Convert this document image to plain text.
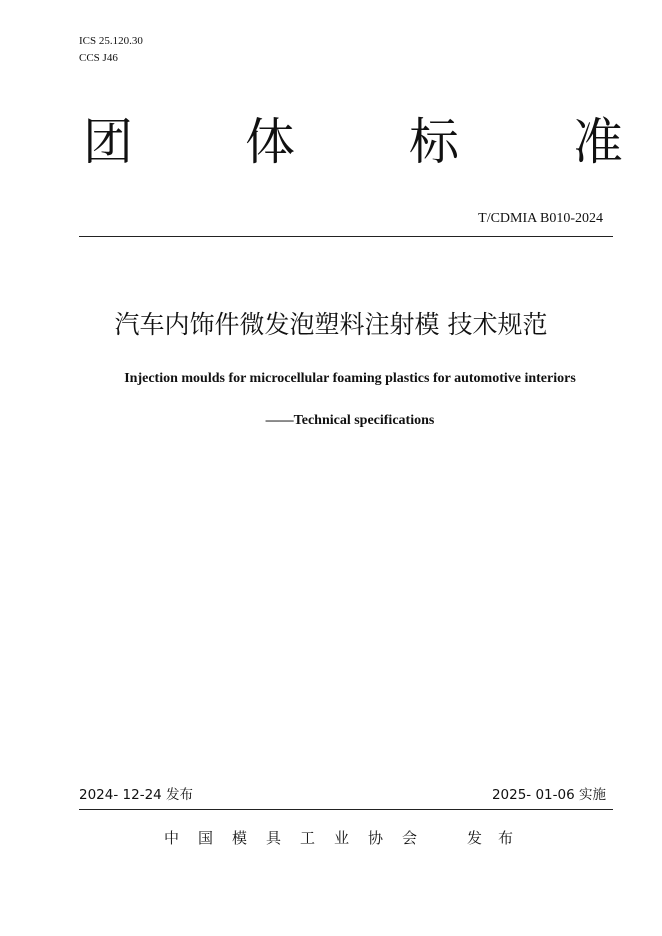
ICS 25.120.30
CCS J46
团 体 标 准
T/CDMIA B010-2024
汽车内饰件微发泡塑料注射模 技术规范
Injection moulds for microcellular foaming plastics for automotive interiors
——Technical specifications
2024- 12-24 发布	2025- 01-06 实施
中国模具工业协会 发布
